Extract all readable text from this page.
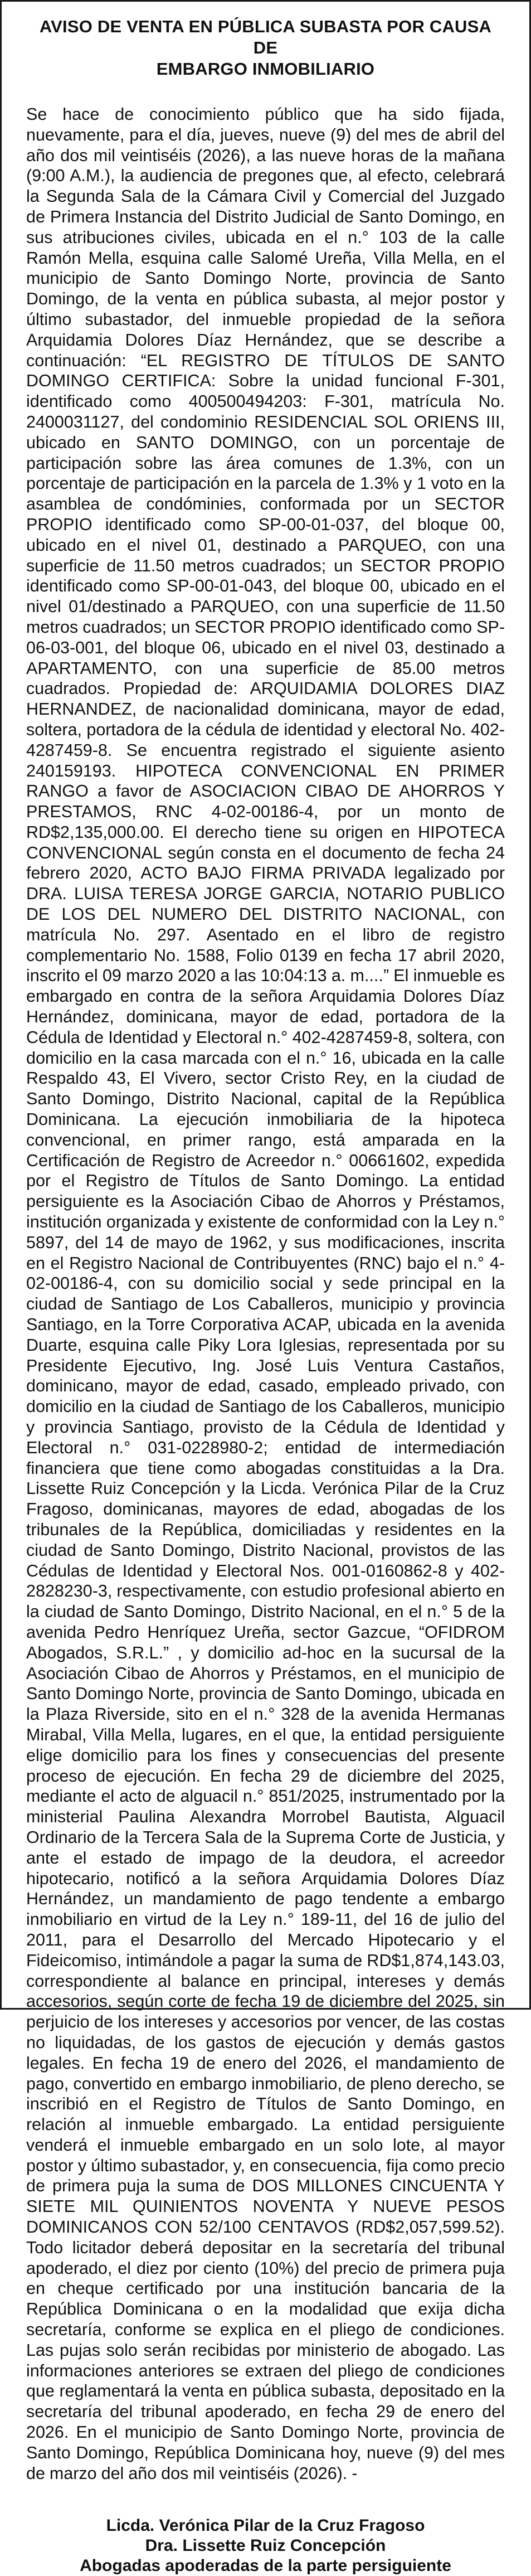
AVISO DE VENTA EN PÚBLICA SUBASTA POR CAUSA DE
EMBARGO INMOBILIARIO

Se hace de conocimiento público que ha sido fijada, nuevamente, para el día, jueves, nueve (9) del mes de abril del año dos mil veintiséis (2026), a las nueve horas de la mañana (9:00 A.M.), la audiencia de pregones que, al efecto, celebrará la Segunda Sala de la Cámara Civil y Comercial del Juzgado de Primera Instancia del Distrito Judicial de Santo Domingo, en sus atribuciones civiles, ubicada en el n.° 103 de la calle Ramón Mella, esquina calle Salomé Ureña, Villa Mella, en el municipio de Santo Domingo Norte, provincia de Santo Domingo, de la venta en pública subasta, al mejor postor y último subastador, del inmueble propiedad de la señora Arquidamia Dolores Díaz Hernández, que se describe a continuación: “EL REGISTRO DE TÍTULOS DE SANTO DOMINGO CERTIFICA: Sobre la unidad funcional F-301, identificado como 400500494203: F-301, matrícula No. 2400031127, del condominio RESIDENCIAL SOL ORIENS III, ubicado en SANTO DOMINGO, con un porcentaje de participación sobre las área comunes de 1.3%, con un porcentaje de participación en la parcela de 1.3% y 1 voto en la asamblea de condóminies, conformada por un SECTOR PROPIO identificado como SP-00-01-037, del bloque 00, ubicado en el nivel 01, destinado a PARQUEO, con una superficie de 11.50 metros cuadrados; un SECTOR PROPIO identificado como SP-00-01-043, del bloque 00, ubicado en el nivel 01/destinado a PARQUEO, con una superficie de 11.50 metros cuadrados; un SECTOR PROPIO identificado como SP-06-03-001, del bloque 06, ubicado en el nivel 03, destinado a APARTAMENTO, con una superficie de 85.00 metros cuadrados. Propiedad de: ARQUIDAMIA DOLORES DIAZ HERNANDEZ, de nacionalidad dominicana, mayor de edad, soltera, portadora de la cédula de identidad y electoral No. 402-4287459-8. Se encuentra registrado el siguiente asiento 240159193. HIPOTECA CONVENCIONAL EN PRIMER RANGO a favor de ASOCIACION CIBAO DE AHORROS Y PRESTAMOS, RNC 4-02-00186-4, por un monto de RD$2,135,000.00. El derecho tiene su origen en HIPOTECA CONVENCIONAL según consta en el documento de fecha 24 febrero 2020, ACTO BAJO FIRMA PRIVADA legalizado por DRA. LUISA TERESA JORGE GARCIA, NOTARIO PUBLICO DE LOS DEL NUMERO DEL DISTRITO NACIONAL, con matrícula No. 297. Asentado en el libro de registro complementario No. 1588, Folio 0139 en fecha 17 abril 2020, inscrito el 09 marzo 2020 a las 10:04:13 a. m....” El inmueble es embargado en contra de la señora Arquidamia Dolores Díaz Hernández, dominicana, mayor de edad, portadora de la Cédula de Identidad y Electoral n.° 402-4287459-8, soltera, con domicilio en la casa marcada con el n.° 16, ubicada en la calle Respaldo 43, El Vivero, sector Cristo Rey, en la ciudad de Santo Domingo, Distrito Nacional, capital de la República Dominicana. La ejecución inmobiliaria de la hipoteca convencional, en primer rango, está amparada en la Certificación de Registro de Acreedor n.° 00661602, expedida por el Registro de Títulos de Santo Domingo. La entidad persiguiente es la Asociación Cibao de Ahorros y Préstamos, institución organizada y existente de conformidad con la Ley n.° 5897, del 14 de mayo de 1962, y sus modificaciones, inscrita en el Registro Nacional de Contribuyentes (RNC) bajo el n.° 4-02-00186-4, con su domicilio social y sede principal en la ciudad de Santiago de Los Caballeros, municipio y provincia Santiago, en la Torre Corporativa ACAP, ubicada en la avenida Duarte, esquina calle Piky Lora Iglesias, representada por su Presidente Ejecutivo, Ing. José Luis Ventura Castaños, dominicano, mayor de edad, casado, empleado privado, con domicilio en la ciudad de Santiago de los Caballeros, municipio y provincia Santiago, provisto de la Cédula de Identidad y Electoral n.° 031-0228980-2; entidad de intermediación financiera que tiene como abogadas constituidas a la Dra. Lissette Ruiz Concepción y la Licda. Verónica Pilar de la Cruz Fragoso, dominicanas, mayores de edad, abogadas de los tribunales de la República, domiciliadas y residentes en la ciudad de Santo Domingo, Distrito Nacional, provistos de las Cédulas de Identidad y Electoral Nos. 001-0160862-8 y 402-2828230-3, respectivamente, con estudio profesional abierto en la ciudad de Santo Domingo, Distrito Nacional, en el n.° 5 de la avenida Pedro Henríquez Ureña, sector Gazcue, “OFIDROM Abogados, S.R.L.” , y domicilio ad-hoc en la sucursal de la Asociación Cibao de Ahorros y Préstamos, en el municipio de Santo Domingo Norte, provincia de Santo Domingo, ubicada en la Plaza Riverside, sito en el n.° 328 de la avenida Hermanas Mirabal, Villa Mella, lugares, en el que, la entidad persiguiente elige domicilio para los fines y consecuencias del presente proceso de ejecución. En fecha 29 de diciembre del 2025, mediante el acto de alguacil n.° 851/2025, instrumentado por la ministerial Paulina Alexandra Morrobel Bautista, Alguacil Ordinario de la Tercera Sala de la Suprema Corte de Justicia, y ante el estado de impago de la deudora, el acreedor hipotecario, notificó a la señora Arquidamia Dolores Díaz Hernández, un mandamiento de pago tendente a embargo inmobiliario en virtud de la Ley n.° 189-11, del 16 de julio del 2011, para el Desarrollo del Mercado Hipotecario y el Fideicomiso, intimándole a pagar la suma de RD$1,874,143.03, correspondiente al balance en principal, intereses y demás accesorios, según corte de fecha 19 de diciembre del 2025, sin perjuicio de los intereses y accesorios por vencer, de las costas no liquidadas, de los gastos de ejecución y demás gastos legales. En fecha 19 de enero del 2026, el mandamiento de pago, convertido en embargo inmobiliario, de pleno derecho, se inscribió en el Registro de Títulos de Santo Domingo, en relación al inmueble embargado. La entidad persiguiente venderá el inmueble embargado en un solo lote, al mayor postor y último subastador, y, en consecuencia, fija como precio de primera puja la suma de DOS MILLONES CINCUENTA Y SIETE MIL QUINIENTOS NOVENTA Y NUEVE PESOS DOMINICANOS CON 52/100 CENTAVOS (RD$2,057,599.52). Todo licitador deberá depositar en la secretaría del tribunal apoderado, el diez por ciento (10%) del precio de primera puja en cheque certificado por una institución bancaria de la República Dominicana o en la modalidad que exija dicha secretaría, conforme se explica en el pliego de condiciones. Las pujas solo serán recibidas por ministerio de abogado. Las informaciones anteriores se extraen del pliego de condiciones que reglamentará la venta en pública subasta, depositado en la secretaría del tribunal apoderado, en fecha 29 de enero del 2026. En el municipio de Santo Domingo Norte, provincia de Santo Domingo, República Dominicana hoy, nueve (9) del mes de marzo del año dos mil veintiséis (2026). -

Licda. Verónica Pilar de la Cruz Fragoso
Dra. Lissette Ruiz Concepción
Abogadas apoderadas de la parte persiguiente
